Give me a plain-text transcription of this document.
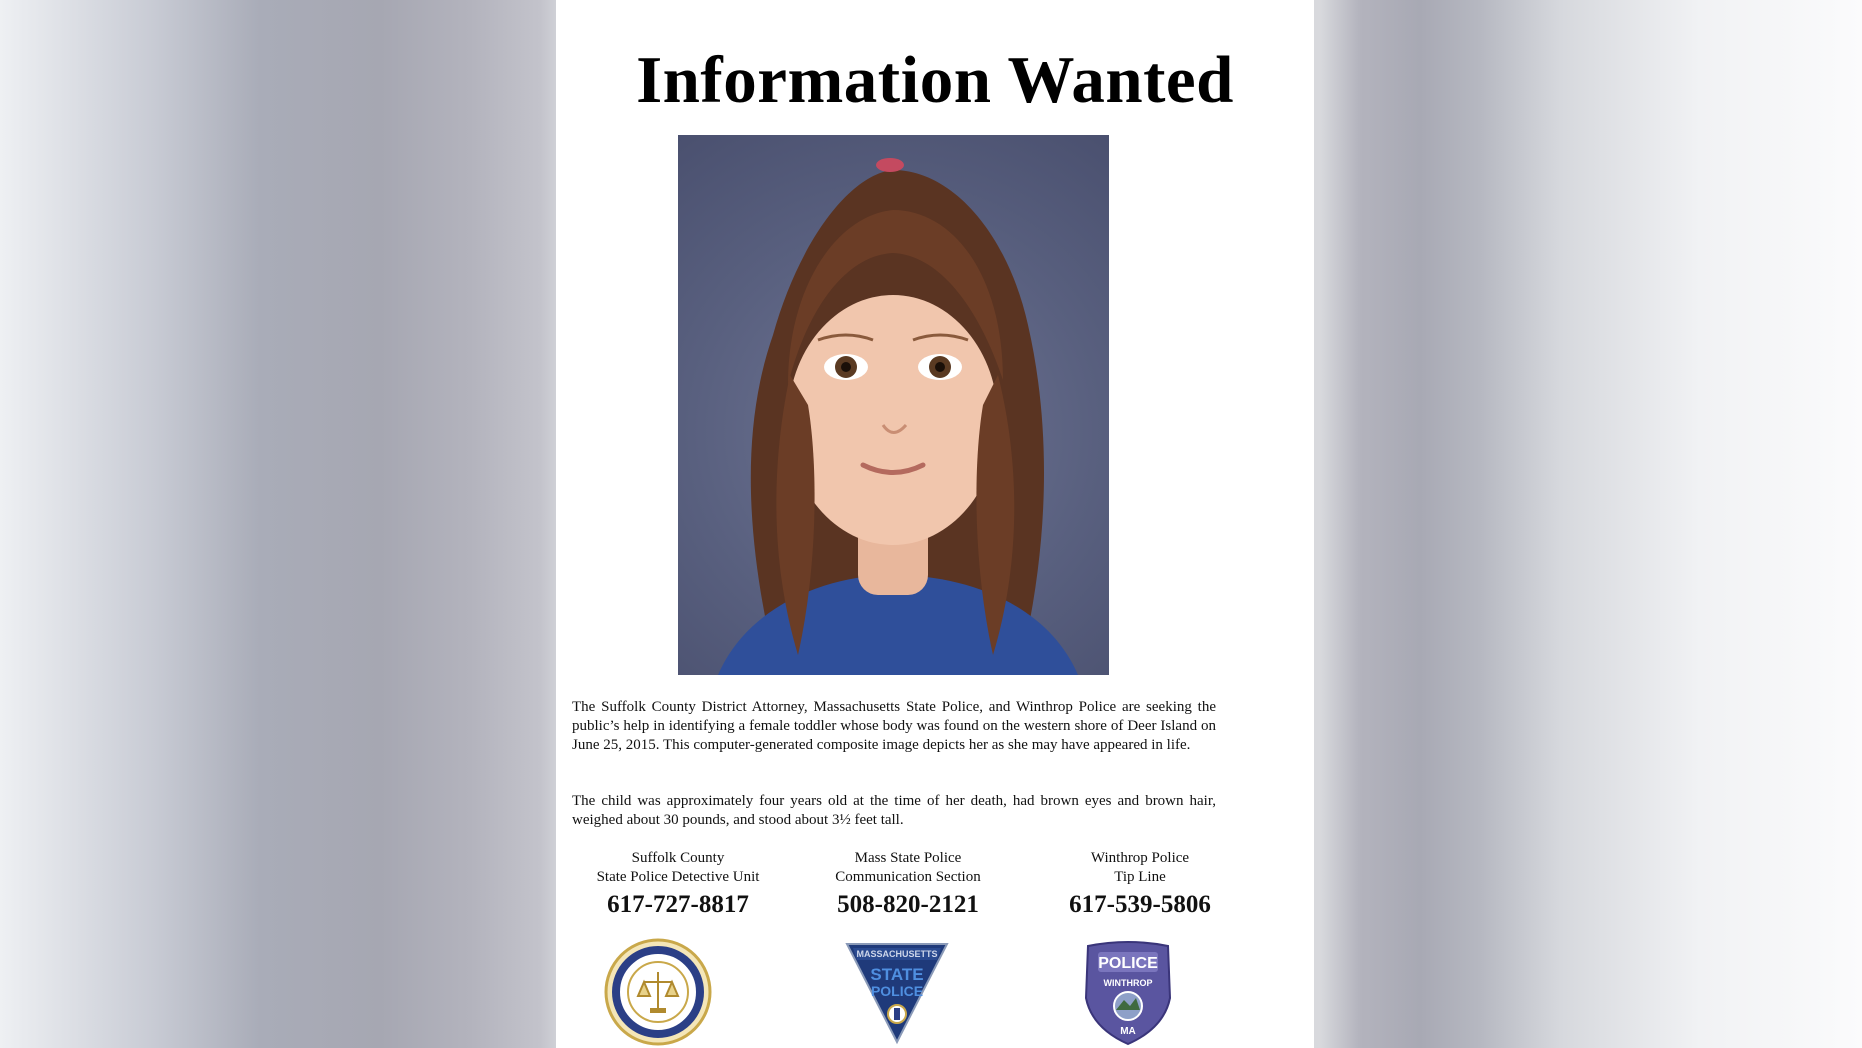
Information Wanted

The Suffolk County District Attorney, Massachusetts State Police, and Winthrop Police are seeking the public’s help in identifying a female toddler whose body was found on the western shore of Deer Island on June 25, 2015. This computer-generated composite image depicts her as she may have appeared in life.

The child was approximately four years old at the time of her death, had brown eyes and brown hair, weighed about 30 pounds, and stood about 3½ feet tall.

Suffolk County
State Police Detective Unit
617-727-8817
Mass State Police
Communication Section
508-820-2121
Winthrop Police
Tip Line
617-539-5806
MASSACHUSETTS
STATE
POLICE
POLICE
WINTHROP
MA
